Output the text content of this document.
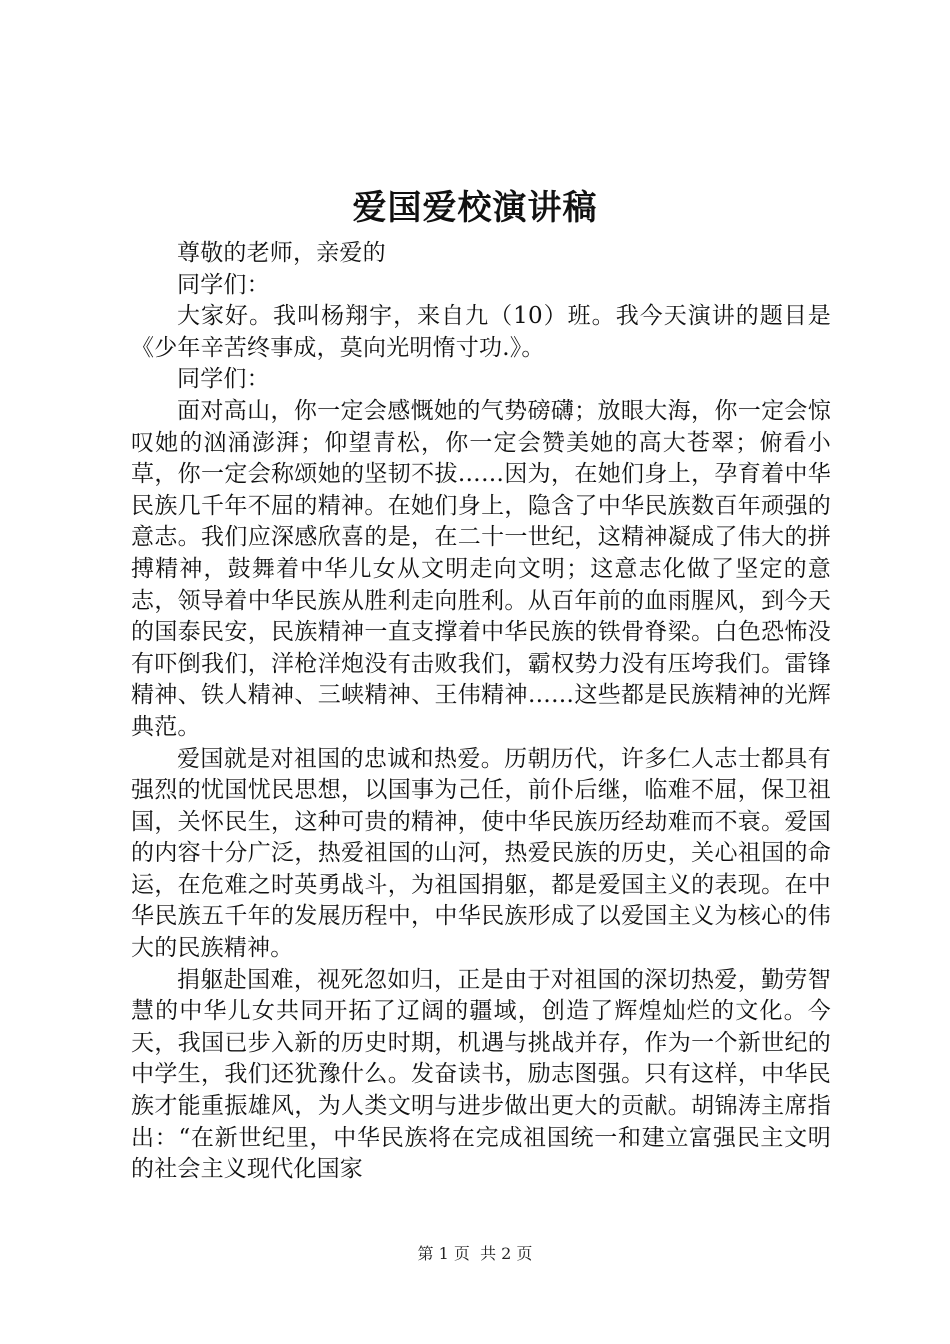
爱国爱校演讲稿

尊敬的老师，亲爱的

同学们：

大家好。我叫杨翔宇，来自九（10）班。我今天演讲的题目是《少年辛苦终事成，莫向光明惰寸功.》。

同学们：

面对高山，你一定会感慨她的气势磅礴；放眼大海，你一定会惊叹她的汹涌澎湃；仰望青松，你一定会赞美她的高大苍翠；俯看小草，你一定会称颂她的坚韧不拔……因为，在她们身上，孕育着中华民族几千年不屈的精神。在她们身上，隐含了中华民族数百年顽强的意志。我们应深感欣喜的是，在二十一世纪，这精神凝成了伟大的拼搏精神，鼓舞着中华儿女从文明走向文明；这意志化做了坚定的意志，领导着中华民族从胜利走向胜利。从百年前的血雨腥风，到今天的国泰民安，民族精神一直支撑着中华民族的铁骨脊梁。白色恐怖没有吓倒我们，洋枪洋炮没有击败我们，霸权势力没有压垮我们。雷锋精神、铁人精神、三峡精神、王伟精神……这些都是民族精神的光辉典范。

爱国就是对祖国的忠诚和热爱。历朝历代，许多仁人志士都具有强烈的忧国忧民思想，以国事为己任，前仆后继，临难不屈，保卫祖国，关怀民生，这种可贵的精神，使中华民族历经劫难而不衰。爱国的内容十分广泛，热爱祖国的山河，热爱民族的历史，关心祖国的命运，在危难之时英勇战斗，为祖国捐躯，都是爱国主义的表现。在中华民族五千年的发展历程中，中华民族形成了以爱国主义为核心的伟大的民族精神。

捐躯赴国难，视死忽如归，正是由于对祖国的深切热爱，勤劳智慧的中华儿女共同开拓了辽阔的疆域，创造了辉煌灿烂的文化。今天，我国已步入新的历史时期，机遇与挑战并存，作为一个新世纪的中学生，我们还犹豫什么。发奋读书，励志图强。只有这样，中华民族才能重振雄风，为人类文明与进步做出更大的贡献。胡锦涛主席指出：“在新世纪里，中华民族将在完成祖国统一和建立富强民主文明的社会主义现代化国家

第 1 页  共 2 页
